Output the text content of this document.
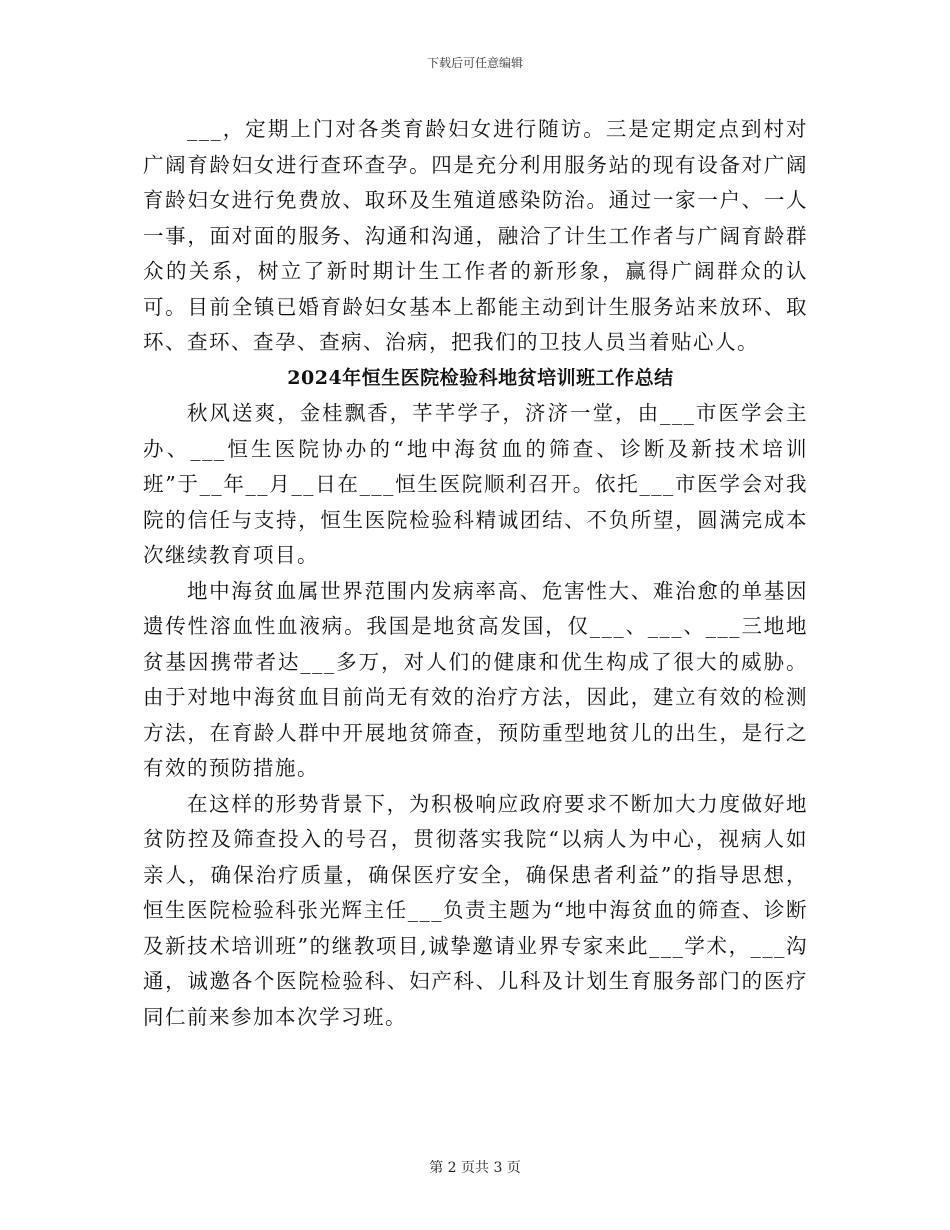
下载后可任意编辑

___，定期上门对各类育龄妇女进行随访。三是定期定点到村对广阔育龄妇女进行查环查孕。四是充分利用服务站的现有设备对广阔育龄妇女进行免费放、取环及生殖道感染防治。通过一家一户、一人一事，面对面的服务、沟通和沟通，融洽了计生工作者与广阔育龄群众的关系，树立了新时期计生工作者的新形象，赢得广阔群众的认可。目前全镇已婚育龄妇女基本上都能主动到计生服务站来放环、取环、查环、查孕、查病、治病，把我们的卫技人员当着贴心人。

2024年恒生医院检验科地贫培训班工作总结

秋风送爽，金桂飘香，芊芊学子，济济一堂，由___市医学会主办、___恒生医院协办的“地中海贫血的筛查、诊断及新技术培训班”于__年__月__日在___恒生医院顺利召开。依托___市医学会对我院的信任与支持，恒生医院检验科精诚团结、不负所望，圆满完成本次继续教育项目。

地中海贫血属世界范围内发病率高、危害性大、难治愈的单基因遗传性溶血性血液病。我国是地贫高发国，仅___、___、___三地地贫基因携带者达___多万，对人们的健康和优生构成了很大的威胁。由于对地中海贫血目前尚无有效的治疗方法，因此，建立有效的检测方法，在育龄人群中开展地贫筛查，预防重型地贫儿的出生，是行之有效的预防措施。

在这样的形势背景下，为积极响应政府要求不断加大力度做好地贫防控及筛查投入的号召，贯彻落实我院“以病人为中心，视病人如亲人，确保治疗质量，确保医疗安全，确保患者利益”的指导思想，恒生医院检验科张光辉主任___负责主题为“地中海贫血的筛查、诊断及新技术培训班”的继教项目,诚挚邀请业界专家来此___学术，___沟通，诚邀各个医院检验科、妇产科、儿科及计划生育服务部门的医疗同仁前来参加本次学习班。

第 2 页共 3 页
